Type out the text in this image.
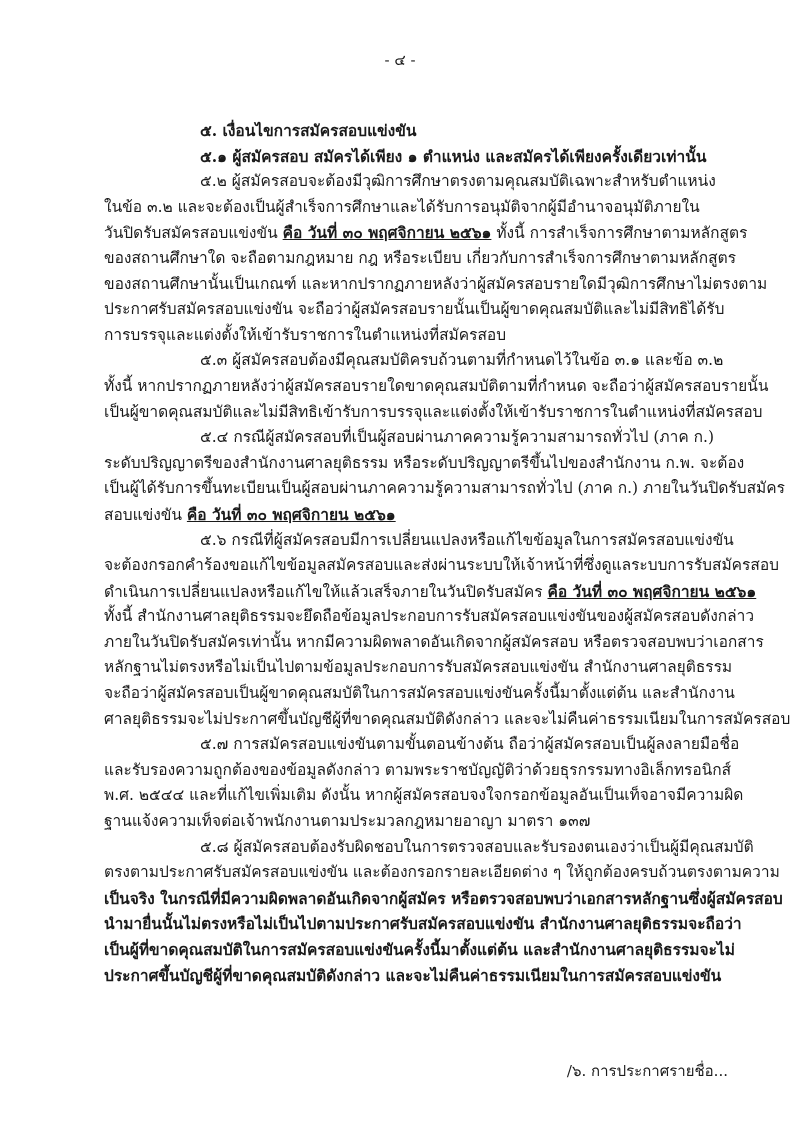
- ๔ -
๕. เงื่อนไขการสมัครสอบแข่งขัน
๕.๑ ผู้สมัครสอบ สมัครได้เพียง ๑ ตำแหน่ง และสมัครได้เพียงครั้งเดียวเท่านั้น
๕.๒ ผู้สมัครสอบจะต้องมีวุฒิการศึกษาตรงตามคุณสมบัติเฉพาะสำหรับตำแหน่ง
ในข้อ ๓.๒ และจะต้องเป็นผู้สำเร็จการศึกษาและได้รับการอนุมัติจากผู้มีอำนาจอนุมัติภายใน
วันปิดรับสมัครสอบแข่งขัน คือ วันที่ ๓๐ พฤศจิกายน ๒๕๖๑ ทั้งนี้ การสำเร็จการศึกษาตามหลักสูตร
ของสถานศึกษาใด จะถือตามกฎหมาย กฎ หรือระเบียบ เกี่ยวกับการสำเร็จการศึกษาตามหลักสูตร
ของสถานศึกษานั้นเป็นเกณฑ์ และหากปรากฏภายหลังว่าผู้สมัครสอบรายใดมีวุฒิการศึกษาไม่ตรงตาม
ประกาศรับสมัครสอบแข่งขัน จะถือว่าผู้สมัครสอบรายนั้นเป็นผู้ขาดคุณสมบัติและไม่มีสิทธิได้รับ
การบรรจุและแต่งตั้งให้เข้ารับราชการในตำแหน่งที่สมัครสอบ
๕.๓ ผู้สมัครสอบต้องมีคุณสมบัติครบถ้วนตามที่กำหนดไว้ในข้อ ๓.๑ และข้อ ๓.๒
ทั้งนี้ หากปรากฏภายหลังว่าผู้สมัครสอบรายใดขาดคุณสมบัติตามที่กำหนด จะถือว่าผู้สมัครสอบรายนั้น
เป็นผู้ขาดคุณสมบัติและไม่มีสิทธิเข้ารับการบรรจุและแต่งตั้งให้เข้ารับราชการในตำแหน่งที่สมัครสอบ
๕.๔ กรณีผู้สมัครสอบที่เป็นผู้สอบผ่านภาคความรู้ความสามารถทั่วไป (ภาค ก.)
ระดับปริญญาตรีของสำนักงานศาลยุติธรรม หรือระดับปริญญาตรีขึ้นไปของสำนักงาน ก.พ. จะต้อง
เป็นผู้ได้รับการขึ้นทะเบียนเป็นผู้สอบผ่านภาคความรู้ความสามารถทั่วไป (ภาค ก.) ภายในวันปิดรับสมัคร
สอบแข่งขัน คือ วันที่ ๓๐ พฤศจิกายน ๒๕๖๑
๕.๖ กรณีที่ผู้สมัครสอบมีการเปลี่ยนแปลงหรือแก้ไขข้อมูลในการสมัครสอบแข่งขัน
จะต้องกรอกคำร้องขอแก้ไขข้อมูลสมัครสอบและส่งผ่านระบบให้เจ้าหน้าที่ซึ่งดูแลระบบการรับสมัครสอบ
ดำเนินการเปลี่ยนแปลงหรือแก้ไขให้แล้วเสร็จภายในวันปิดรับสมัคร คือ วันที่ ๓๐ พฤศจิกายน ๒๕๖๑
ทั้งนี้ สำนักงานศาลยุติธรรมจะยึดถือข้อมูลประกอบการรับสมัครสอบแข่งขันของผู้สมัครสอบดังกล่าว
ภายในวันปิดรับสมัครเท่านั้น หากมีความผิดพลาดอันเกิดจากผู้สมัครสอบ หรือตรวจสอบพบว่าเอกสาร
หลักฐานไม่ตรงหรือไม่เป็นไปตามข้อมูลประกอบการรับสมัครสอบแข่งขัน สำนักงานศาลยุติธรรม
จะถือว่าผู้สมัครสอบเป็นผู้ขาดคุณสมบัติในการสมัครสอบแข่งขันครั้งนี้มาตั้งแต่ต้น และสำนักงาน
ศาลยุติธรรมจะไม่ประกาศขึ้นบัญชีผู้ที่ขาดคุณสมบัติดังกล่าว และจะไม่คืนค่าธรรมเนียมในการสมัครสอบ
๕.๗ การสมัครสอบแข่งขันตามขั้นตอนข้างต้น ถือว่าผู้สมัครสอบเป็นผู้ลงลายมือชื่อ
และรับรองความถูกต้องของข้อมูลดังกล่าว ตามพระราชบัญญัติว่าด้วยธุรกรรมทางอิเล็กทรอนิกส์
พ.ศ. ๒๕๔๔ และที่แก้ไขเพิ่มเติม ดังนั้น หากผู้สมัครสอบจงใจกรอกข้อมูลอันเป็นเท็จอาจมีความผิด
ฐานแจ้งความเท็จต่อเจ้าพนักงานตามประมวลกฎหมายอาญา มาตรา ๑๓๗
๕.๘ ผู้สมัครสอบต้องรับผิดชอบในการตรวจสอบและรับรองตนเองว่าเป็นผู้มีคุณสมบัติ
ตรงตามประกาศรับสมัครสอบแข่งขัน และต้องกรอกรายละเอียดต่าง ๆ ให้ถูกต้องครบถ้วนตรงตามความ
เป็นจริง ในกรณีที่มีความผิดพลาดอันเกิดจากผู้สมัคร หรือตรวจสอบพบว่าเอกสารหลักฐานซึ่งผู้สมัครสอบ
นำมายื่นนั้นไม่ตรงหรือไม่เป็นไปตามประกาศรับสมัครสอบแข่งขัน สำนักงานศาลยุติธรรมจะถือว่า
เป็นผู้ที่ขาดคุณสมบัติในการสมัครสอบแข่งขันครั้งนี้มาตั้งแต่ต้น และสำนักงานศาลยุติธรรมจะไม่
ประกาศขึ้นบัญชีผู้ที่ขาดคุณสมบัติดังกล่าว และจะไม่คืนค่าธรรมเนียมในการสมัครสอบแข่งขัน
/๖. การประกาศรายชื่อ...
